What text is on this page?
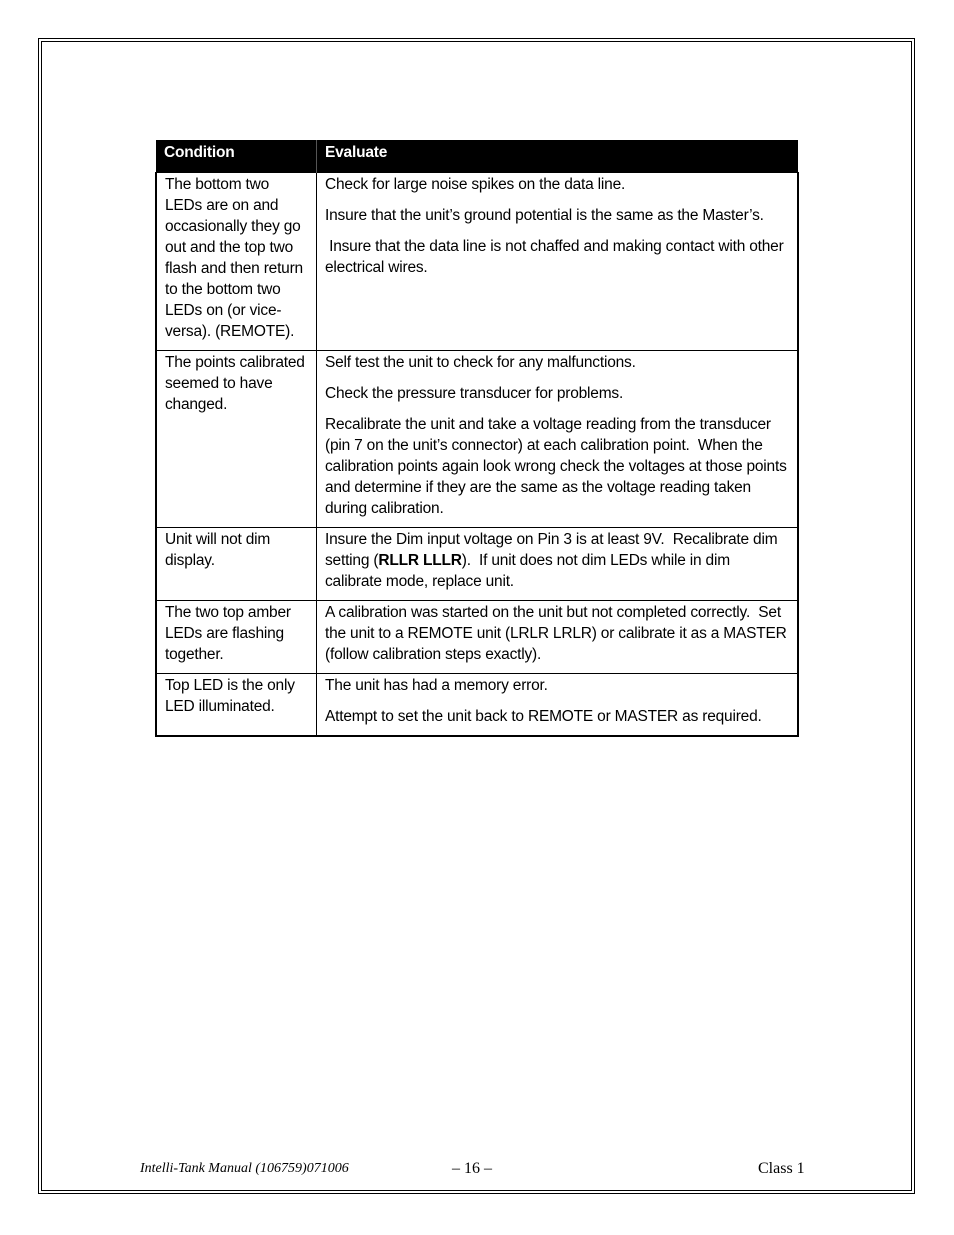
Condition	Evaluate
The bottom two LEDs are on and occasionally they go out and the top two flash and then return to the bottom two LEDs on (or vice-versa). (REMOTE).	Check for large noise spikes on the data line.

Insure that the unit’s ground potential is the same as the Master’s.

Insure that the data line is not chaffed and making contact with other electrical wires.

The points calibrated seemed to have changed.	Self test the unit to check for any malfunctions.

Check the pressure transducer for problems.

Recalibrate the unit and take a voltage reading from the transducer (pin 7 on the unit’s connector) at each calibration point.  When the calibration points again look wrong check the voltages at those points and determine if they are the same as the voltage reading taken during calibration.

Unit will not dim display.	Insure the Dim input voltage on Pin 3 is at least 9V.  Recalibrate dim setting (RLLR LLLR).  If unit does not dim LEDs while in dim calibrate mode, replace unit.

The two top amber LEDs are flashing together.	A calibration was started on the unit but not completed correctly.  Set the unit to a REMOTE unit (LRLR LRLR) or calibrate it as a MASTER (follow calibration steps exactly).

Top LED is the only LED illuminated.	The unit has had a memory error.

Attempt to set the unit back to REMOTE or MASTER as required.

Intelli-Tank Manual (106759)071006	– 16 –	Class 1
